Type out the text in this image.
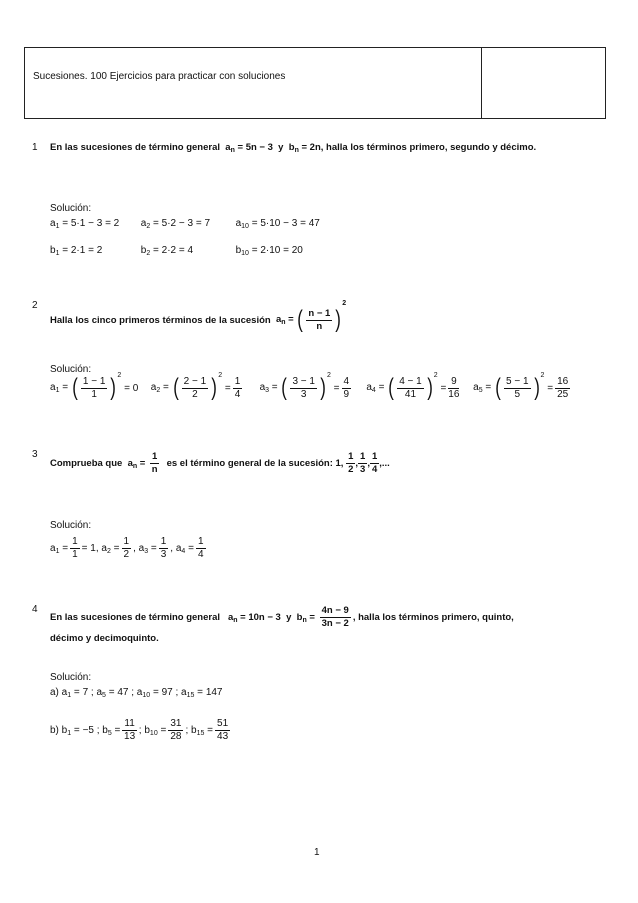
Sucesiones. 100 Ejercicios para practicar con soluciones
1 En las sucesiones de término general  $a_n = 5n - 3$ y  $b_n = 2n$, halla los términos primero, segundo y décimo.
Solución:
$a_1 = 5\cdot 1 - 3 = 2$ $a_2 = 5\cdot 2 - 3 = 7$	$a_{10} = 5\cdot 10 - 3 = 47$
$b_1 = 2\cdot 1 = 2$	$b_2 = 2\cdot 2 = 4$	$b_{10} = 2\cdot 10 = 20$
2
Halla los cinco primeros términos de la sucesión $a_n$ = ( $\frac{n - 1}{n} )^2$
Solución:
$a_1$ = ( $\frac{1 - 1}{1} )^2 = 0$ $a_2$ = ( $\frac{2 - 1}{2} )^2 = \frac{1}{4} a_3$ = ( $\frac{3 - 1}{3} )^2 = \frac{4}{9} a_4$ = ( $\frac{4 - 1}{41} )^2 = \frac{9}{16} a_5$ = ( $\frac{5 - 1}{5} )^2 = \frac{16}{25}$
3
Comprueba que $a_n = \frac{1}{n}$ es el término general de la sucesión: 1, $\frac{1}{2}$ , $\frac{1}{3}$ , $\frac{1}{4}$ ,...
Solución:
$a_1 = \frac{1}{1} = 1$, $a_2 = \frac{1}{2}$ , $a_3 = \frac{1}{3}$ , $a_4 = \frac{1}{4}$
4
En las sucesiones de término general $a_n = 10n - 3$ y  $b_n = \frac{4n - 9}{3n - 2}$ , halla los términos primero, quinto,
décimo y decimoquinto.
Solución:
a) $a_1 = 7$ ; $a_5 = 47$ ; $a_{10} = 97$ ; $a_{15} = 147$
b) $b_1 = -5$ ; $b_5 = \frac{11}{13}$ ; $b_{10} = \frac{31}{28}$ ; $b_{15} = \frac{51}{43}$
1
